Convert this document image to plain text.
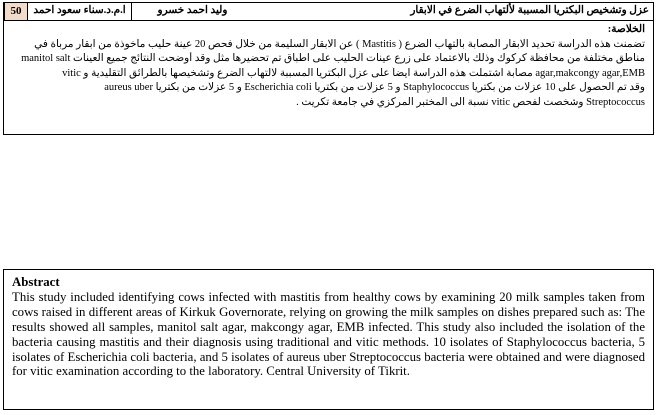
50	ا.م.د.سناء سعود احمد	وليد احمد خسرو	عزل وتشخيص البكتريا المسببة لألتهاب الضرع في الابقار
الخلاصة:
تضمنت هذه الدراسة تحديد الابقار المصابة بالتهاب الضرع ( Mastitis ) عن الابقار السليمة من خلال فحص 20 عينة حليب مأخوذة من ابقار مرباة في
مناطق مختلفة من محافظة كركوك وذلك بالاعتماد على زرع عينات الحليب على اطباق تم تحضيرها مثل وقد أوضحت النتائج جميع العينات manitol salt
agar,makcongy agar,EMB مصابة اشتملت هذه الدراسة ايضاً على عزل البكتريا المسببة لالتهاب الضرع وتشخيصها بالطرائق التقليدية و vitic
وقد تم الحصول على 10 عزلات من بكتريا Staphylococcus و 5 عزلات من بكتريا Escherichia coli و 5 عزلات من بكتريا aureus uber
Streptococcus وشخصت لفحص vitic نسبة الى المختبر المركزي في جامعة تكريت .
Abstract
This study included identifying cows infected with mastitis from healthy cows by examining 20 milk samples taken from cows raised in different areas of Kirkuk Governorate, relying on growing the milk samples on dishes prepared such as: The results showed all samples, manitol salt agar, makcongy agar, EMB infected. This study also included the isolation of the bacteria causing mastitis and their diagnosis using traditional and vitic methods. 10 isolates of Staphylococcus bacteria, 5 isolates of Escherichia coli bacteria, and 5 isolates of aureus uber Streptococcus bacteria were obtained and were diagnosed for vitic examination according to the laboratory. Central University of Tikrit.
